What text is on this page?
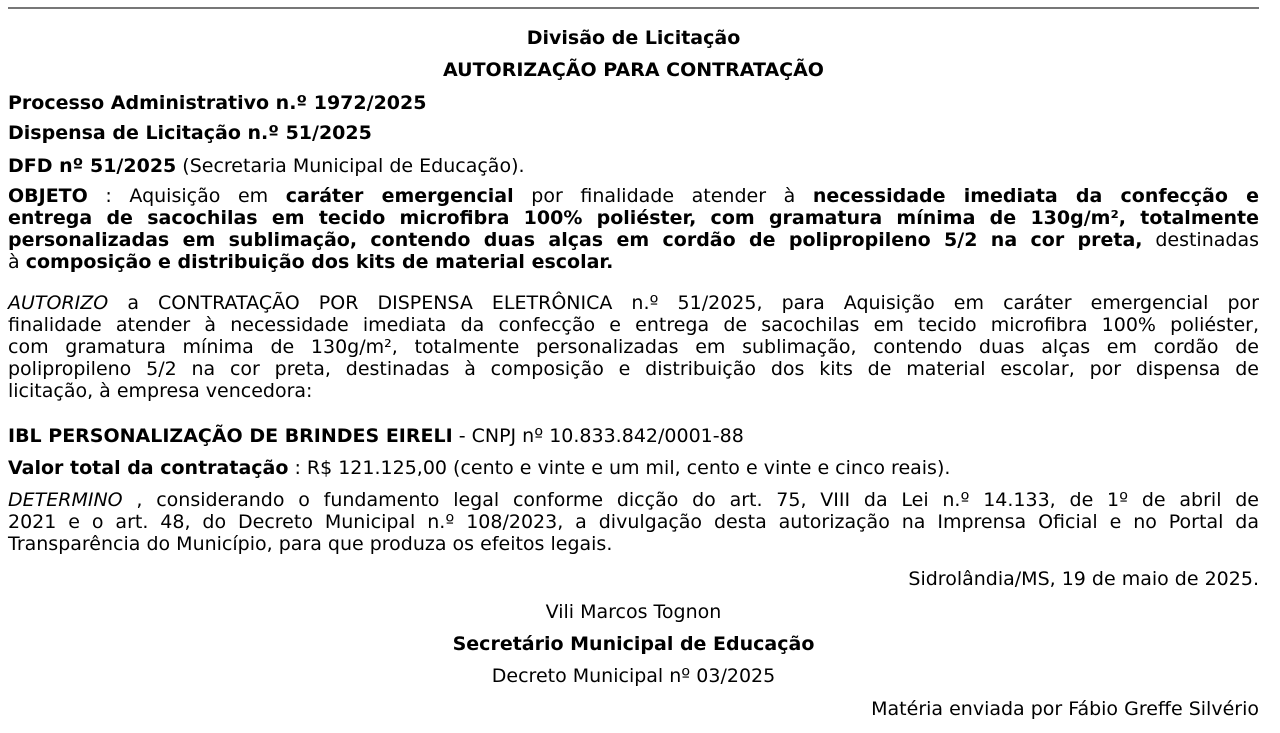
Divisão de Licitação
AUTORIZAÇÃO PARA CONTRATAÇÃO
Processo Administrativo n.º 1972/2025
Dispensa de Licitação n.º 51/2025
DFD nº 51/2025 (Secretaria Municipal de Educação).
OBJETO : Aquisição em caráter emergencial por finalidade atender à necessidade imediata da confecção e
entrega de sacochilas em tecido microfibra 100% poliéster, com gramatura mínima de 130g/m², totalmente
personalizadas em sublimação, contendo duas alças em cordão de polipropileno 5/2 na cor preta, destinadas
à composição e distribuição dos kits de material escolar.
AUTORIZO a CONTRATAÇÃO POR DISPENSA ELETRÔNICA n.º 51/2025, para Aquisição em caráter emergencial por
finalidade atender à necessidade imediata da confecção e entrega de sacochilas em tecido microfibra 100% poliéster,
com gramatura mínima de 130g/m², totalmente personalizadas em sublimação, contendo duas alças em cordão de
polipropileno 5/2 na cor preta, destinadas à composição e distribuição dos kits de material escolar, por dispensa de
licitação, à empresa vencedora:
IBL PERSONALIZAÇÃO DE BRINDES EIRELI - CNPJ nº 10.833.842/0001-88
Valor total da contratação : R$ 121.125,00 (cento e vinte e um mil, cento e vinte e cinco reais).
DETERMINO , considerando o fundamento legal conforme dicção do art. 75, VIII da Lei n.º 14.133, de 1º de abril de
2021 e o art. 48, do Decreto Municipal n.º 108/2023, a divulgação desta autorização na Imprensa Oficial e no Portal da
Transparência do Município, para que produza os efeitos legais.
Sidrolândia/MS, 19 de maio de 2025.
Vili Marcos Tognon
Secretário Municipal de Educação
Decreto Municipal nº 03/2025
Matéria enviada por Fábio Greffe Silvério
